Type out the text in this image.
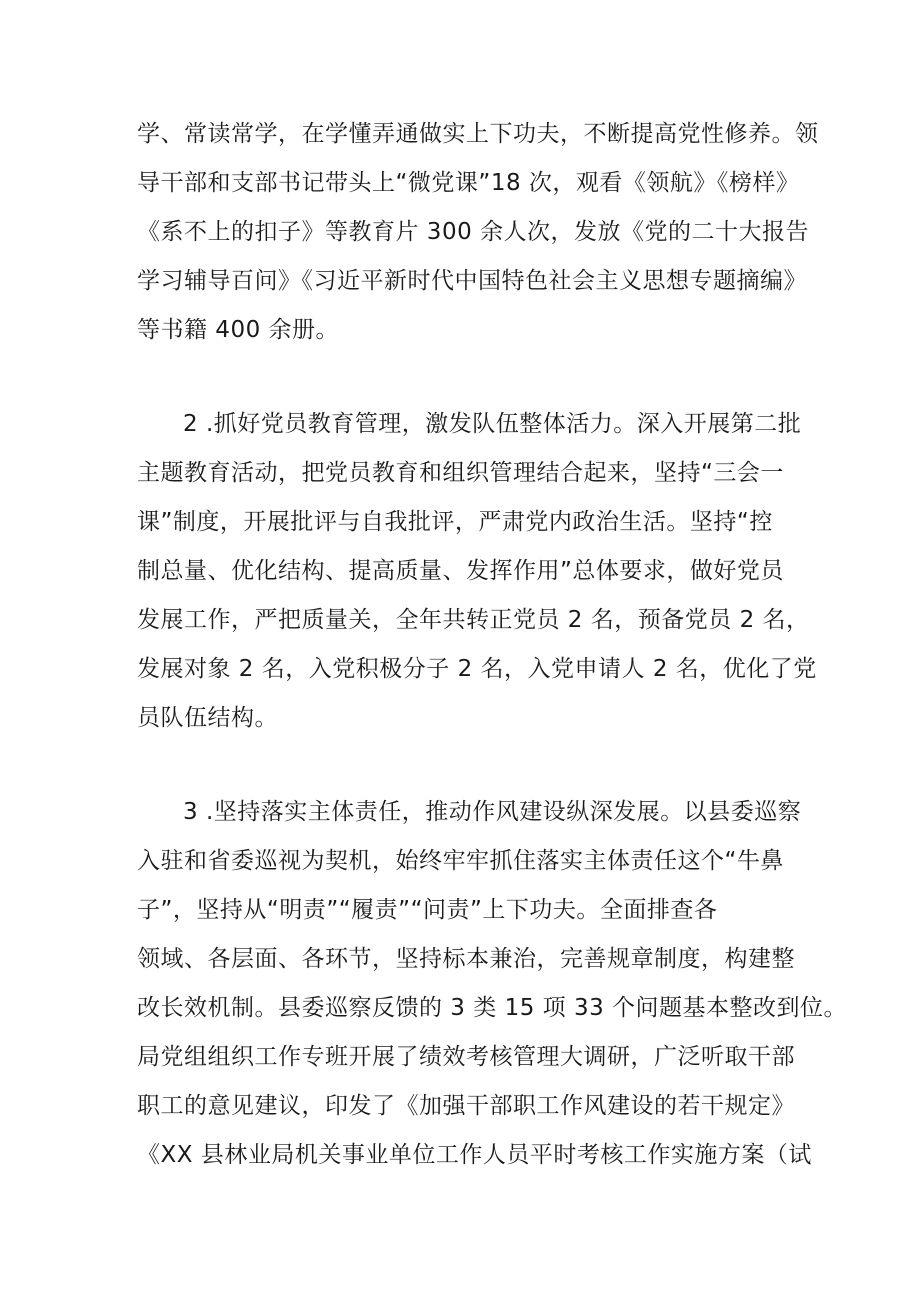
学、常读常学，在学懂弄通做实上下功夫，不断提高党性修养。领
导干部和支部书记带头上“微党课”18 次，观看《领航》《榜样》
《系不上的扣子》等教育片 300 余人次，发放《党的二十大报告
学习辅导百问》《习近平新时代中国特色社会主义思想专题摘编》
等书籍 400 余册。
2 .抓好党员教育管理，激发队伍整体活力。深入开展第二批
主题教育活动，把党员教育和组织管理结合起来，坚持“三会一
课”制度，开展批评与自我批评，严肃党内政治生活。坚持“控
制总量、优化结构、提高质量、发挥作用”总体要求，做好党员
发展工作，严把质量关，全年共转正党员 2 名，预备党员 2 名，
发展对象 2 名，入党积极分子 2 名，入党申请人 2 名，优化了党
员队伍结构。
3 .坚持落实主体责任，推动作风建设纵深发展。以县委巡察
入驻和省委巡视为契机，始终牢牢抓住落实主体责任这个“牛鼻
子”，坚持从“明责”“履责”“问责”上下功夫。全面排查各
领域、各层面、各环节，坚持标本兼治，完善规章制度，构建整
改长效机制。县委巡察反馈的 3 类 15 项 33 个问题基本整改到位。
局党组组织工作专班开展了绩效考核管理大调研，广泛听取干部
职工的意见建议，印发了《加强干部职工作风建设的若干规定》
《XX 县林业局机关事业单位工作人员平时考核工作实施方案（试
